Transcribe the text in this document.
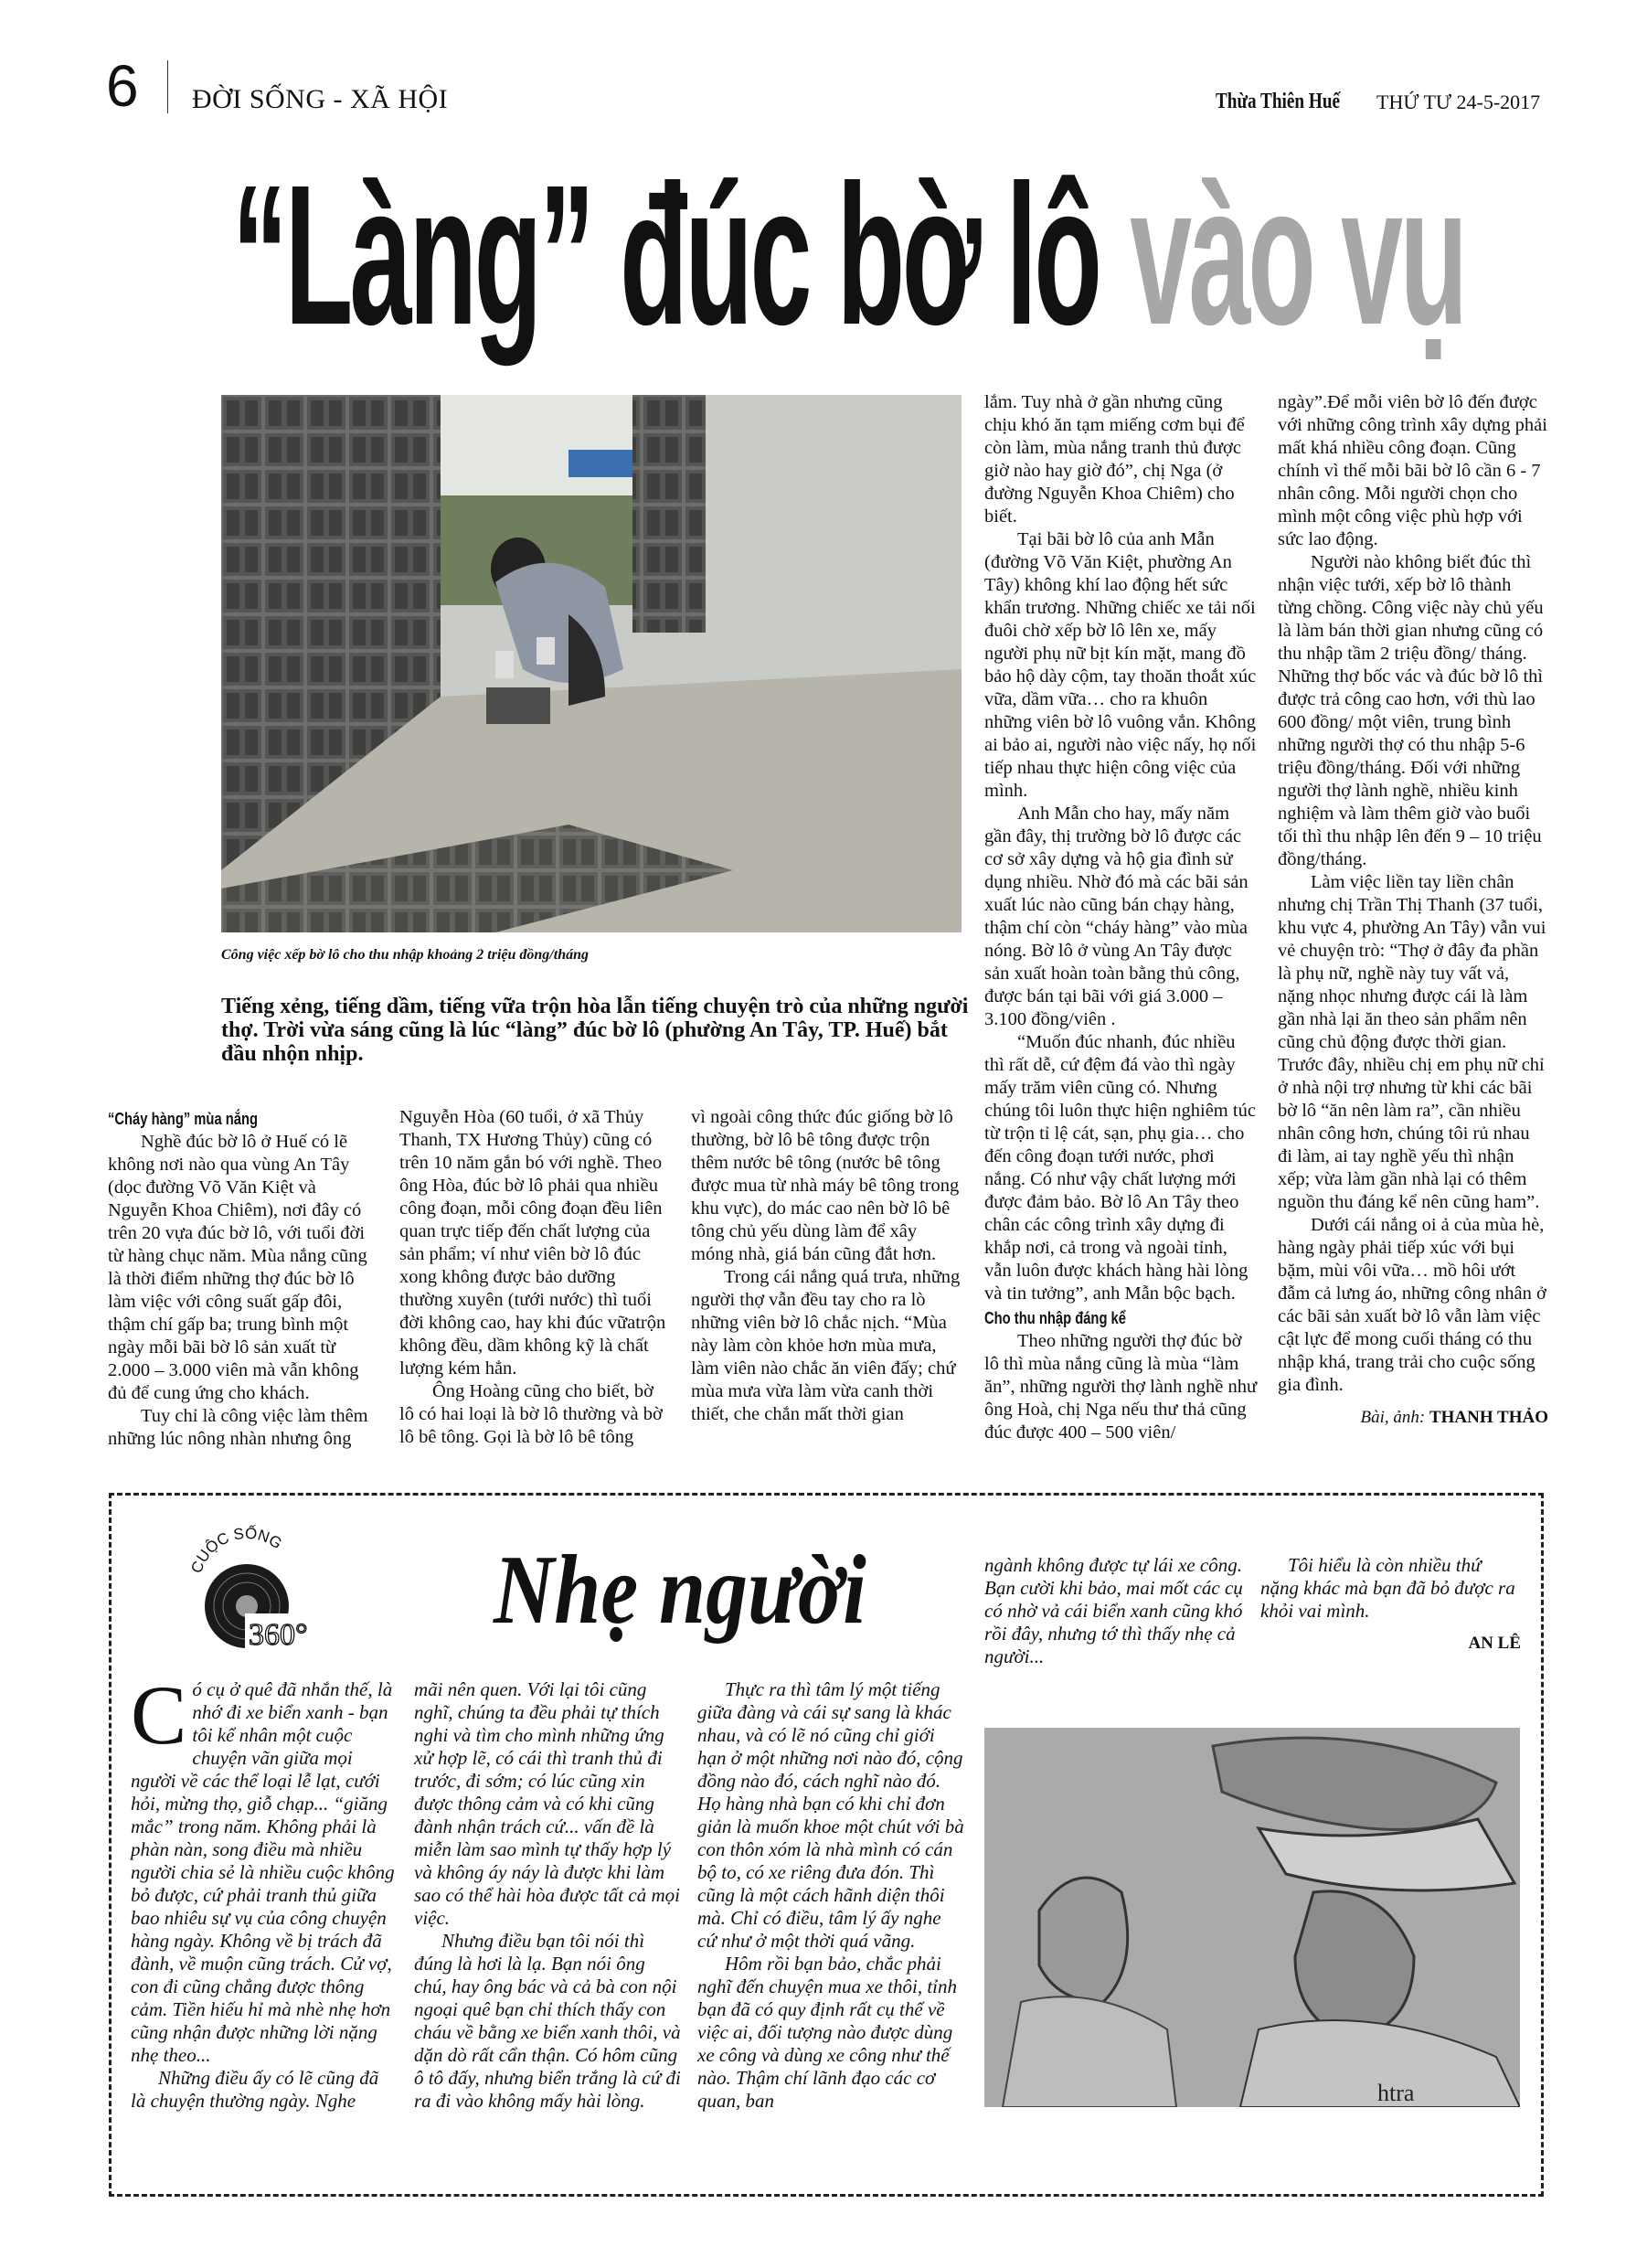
6 ĐỜI SỐNG - XÃ HỘI	Thừa Thiên Huế THỨ TƯ 24-5-2017
“Làng” đúc bờ lô vào vụ
Công việc xếp bờ lô cho thu nhập khoảng 2 triệu đồng/tháng
Tiếng xẻng, tiếng dầm, tiếng vữa trộn hòa lẫn tiếng chuyện trò của những người thợ. Trời vừa sáng cũng là lúc “làng” đúc bờ lô (phường An Tây, TP. Huế) bắt đầu nhộn nhịp.
“Cháy hàng” mùa nắng

Nghề đúc bờ lô ở Huế có lẽ không nơi nào qua vùng An Tây (dọc đường Võ Văn Kiệt và Nguyễn Khoa Chiêm), nơi đây có trên 20 vựa đúc bờ lô, với tuổi đời từ hàng chục năm. Mùa nắng cũng là thời điểm những thợ đúc bờ lô làm việc với công suất gấp đôi, thậm chí gấp ba; trung bình một ngày mỗi bãi bờ lô sản xuất từ 2.000 – 3.000 viên mà vẫn không đủ để cung ứng cho khách.

Tuy chỉ là công việc làm thêm những lúc nông nhàn nhưng ông

Nguyễn Hòa (60 tuổi, ở xã Thủy Thanh, TX Hương Thủy) cũng có trên 10 năm gắn bó với nghề. Theo ông Hòa, đúc bờ lô phải qua nhiều công đoạn, mỗi công đoạn đều liên quan trực tiếp đến chất lượng của sản phẩm; ví như viên bờ lô đúc xong không được bảo dưỡng thường xuyên (tưới nước) thì tuổi đời không cao, hay khi đúc vữatrộn không đều, dầm không kỹ là chất lượng kém hẳn.

Ông Hoàng cũng cho biết, bờ lô có hai loại là bờ lô thường và bờ lô bê tông. Gọi là bờ lô bê tông

vì ngoài công thức đúc giống bờ lô thường, bờ lô bê tông được trộn thêm nước bê tông (nước bê tông được mua từ nhà máy bê tông trong khu vực), do mác cao nên bờ lô bê tông chủ yếu dùng làm để xây móng nhà, giá bán cũng đắt hơn.

Trong cái nắng quá trưa, những người thợ vẫn đều tay cho ra lò những viên bờ lô chắc nịch. “Mùa này làm còn khỏe hơn mùa mưa, làm viên nào chắc ăn viên đấy; chứ mùa mưa vừa làm vừa canh thời thiết, che chắn mất thời gian

lắm. Tuy nhà ở gần nhưng cũng chịu khó ăn tạm miếng cơm bụi để còn làm, mùa nắng tranh thủ được giờ nào hay giờ đó”, chị Nga (ở đường Nguyễn Khoa Chiêm) cho biết.

Tại bãi bờ lô của anh Mẫn (đường Võ Văn Kiệt, phường An Tây) không khí lao động hết sức khẩn trương. Những chiếc xe tải nối đuôi chờ xếp bờ lô lên xe, mấy người phụ nữ bịt kín mặt, mang đồ bảo hộ dày cộm, tay thoăn thoắt xúc vữa, dầm vữa… cho ra khuôn những viên bờ lô vuông vắn. Không ai bảo ai, người nào việc nấy, họ nối tiếp nhau thực hiện công việc của mình.

Anh Mẫn cho hay, mấy năm gần đây, thị trường bờ lô được các cơ sở xây dựng và hộ gia đình sử dụng nhiều. Nhờ đó mà các bãi sản xuất lúc nào cũng bán chạy hàng, thậm chí còn “cháy hàng” vào mùa nóng. Bờ lô ở vùng An Tây được sản xuất hoàn toàn bằng thủ công, được bán tại bãi với giá 3.000 – 3.100 đồng/viên .

“Muốn đúc nhanh, đúc nhiều thì rất dễ, cứ đệm đá vào thì ngày mấy trăm viên cũng có. Nhưng chúng tôi luôn thực hiện nghiêm túc từ trộn tỉ lệ cát, sạn, phụ gia… cho đến công đoạn tưới nước, phơi nắng. Có như vậy chất lượng mới được đảm bảo. Bờ lô An Tây theo chân các công trình xây dựng đi khắp nơi, cả trong và ngoài tỉnh, vẫn luôn được khách hàng hài lòng và tin tưởng”, anh Mẫn bộc bạch.

Cho thu nhập đáng kể

Theo những người thợ đúc bờ lô thì mùa nắng cũng là mùa “làm ăn”, những người thợ lành nghề như ông Hoà, chị Nga nếu thư thả cũng đúc được 400 – 500 viên/

ngày”.Để mỗi viên bờ lô đến được với những công trình xây dựng phải mất khá nhiều công đoạn. Cũng chính vì thế mỗi bãi bờ lô cần 6 - 7 nhân công. Mỗi người chọn cho mình một công việc phù hợp với sức lao động.

Người nào không biết đúc thì nhận việc tưới, xếp bờ lô thành từng chồng. Công việc này chủ yếu là làm bán thời gian nhưng cũng có thu nhập tầm 2 triệu đồng/ tháng. Những thợ bốc vác và đúc bờ lô thì được trả công cao hơn, với thù lao 600 đồng/ một viên, trung bình những người thợ có thu nhập 5-6 triệu đồng/tháng. Đối với những người thợ lành nghề, nhiều kinh nghiệm và làm thêm giờ vào buổi tối thì thu nhập lên đến 9 – 10 triệu đồng/tháng.

Làm việc liền tay liền chân nhưng chị Trần Thị Thanh (37 tuổi, khu vực 4, phường An Tây) vẫn vui vẻ chuyện trò: “Thợ ở đây đa phần là phụ nữ, nghề này tuy vất vả, nặng nhọc nhưng được cái là làm gần nhà lại ăn theo sản phẩm nên cũng chủ động được thời gian. Trước đây, nhiều chị em phụ nữ chỉ ở nhà nội trợ nhưng từ khi các bãi bờ lô “ăn nên làm ra”, cần nhiều nhân công hơn, chúng tôi rủ nhau đi làm, ai tay nghề yếu thì nhận xếp; vừa làm gần nhà lại có thêm nguồn thu đáng kể nên cũng ham”.

Dưới cái nắng oi ả của mùa hè, hàng ngày phải tiếp xúc với bụi bặm, mùi vôi vữa… mồ hôi ướt đẫm cả lưng áo, những công nhân ở các bãi sản xuất bờ lô vẫn làm việc cật lực để mong cuối tháng có thu nhập khá, trang trải cho cuộc sống gia đình.

Bài, ảnh: THANH THẢO

CUỘC SỐNG
360° Nhẹ người

Có cụ ở quê đã nhắn thế, là nhớ đi xe biển xanh - bạn tôi kể nhân một cuộc chuyện vãn giữa mọi người về các thể loại lễ lạt, cưới hỏi, mừng thọ, giỗ chạp... “giăng mắc” trong năm. Không phải là phàn nàn, song điều mà nhiều người chia sẻ là nhiều cuộc không bỏ được, cứ phải tranh thủ giữa bao nhiêu sự vụ của công chuyện hàng ngày. Không về bị trách đã đành, về muộn cũng trách. Cử vợ, con đi cũng chẳng được thông cảm. Tiền hiếu hỉ mà nhè nhẹ hơn cũng nhận được những lời nặng nhẹ theo...

Những điều ấy có lẽ cũng đã là chuyện thường ngày. Nghe

mãi nên quen. Với lại tôi cũng nghĩ, chúng ta đều phải tự thích nghi và tìm cho mình những ứng xử hợp lẽ, có cái thì tranh thủ đi trước, đi sớm; có lúc cũng xin được thông cảm và có khi cũng đành nhận trách cứ... vấn đề là miễn làm sao mình tự thấy hợp lý và không áy náy là được khi làm sao có thể hài hòa được tất cả mọi việc.

Nhưng điều bạn tôi nói thì đúng là hơi là lạ. Bạn nói ông chú, hay ông bác và cả bà con nội ngoại quê bạn chỉ thích thấy con cháu về bằng xe biển xanh thôi, và dặn dò rất cẩn thận. Có hôm cũng ô tô đấy, nhưng biển trắng là cứ đi ra đi vào không mấy hài lòng.

Thực ra thì tâm lý một tiếng giữa đàng và cái sự sang là khác nhau, và có lẽ nó cũng chỉ giới hạn ở một những nơi nào đó, cộng đồng nào đó, cách nghĩ nào đó. Họ hàng nhà bạn có khi chỉ đơn giản là muốn khoe một chút với bà con thôn xóm là nhà mình có cán bộ to, có xe riêng đưa đón. Thì cũng là một cách hãnh diện thôi mà. Chỉ có điều, tâm lý ấy nghe cứ như ở một thời quá vãng.

Hôm rồi bạn bảo, chắc phải nghĩ đến chuyện mua xe thôi, tỉnh bạn đã có quy định rất cụ thể về việc ai, đối tượng nào được dùng xe công và dùng xe công như thế nào. Thậm chí lãnh đạo các cơ quan, ban

ngành không được tự lái xe công. Bạn cười khi bảo, mai mốt các cụ có nhờ vả cái biển xanh cũng khó rồi đây, nhưng tớ thì thấy nhẹ cả người...

Tôi hiểu là còn nhiều thứ nặng khác mà bạn đã bỏ được ra khỏi vai mình.

AN LÊ

htra
